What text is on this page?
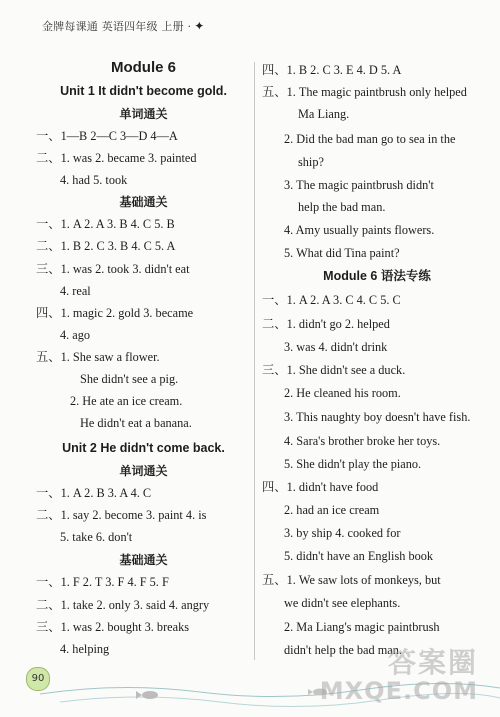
金牌每课通 英语四年级 上册 · ✦
Module 6
Unit 1 It didn't become gold.
单词通关
一、1—B 2—C 3—D 4—A
二、1. was 2. became 3. painted
4. had 5. took
基础通关
一、1. A 2. A 3. B 4. C 5. B
二、1. B 2. C 3. B 4. C 5. A
三、1. was 2. took 3. didn't eat
4. real
四、1. magic 2. gold 3. became
4. ago
五、1. She saw a flower.
She didn't see a pig.
2. He ate an ice cream.
He didn't eat a banana.
Unit 2 He didn't come back.
单词通关
一、1. A 2. B 3. A 4. C
二、1. say 2. become 3. paint 4. is
5. take 6. don't
基础通关
一、1. F 2. T 3. F 4. F 5. F
二、1. take 2. only 3. said 4. angry
三、1. was 2. bought 3. breaks
4. helping
四、1. B 2. C 3. E 4. D 5. A
五、1. The magic paintbrush only helped
Ma Liang.
2. Did the bad man go to sea in the
ship?
3. The magic paintbrush didn't
help the bad man.
4. Amy usually paints flowers.
5. What did Tina paint?
Module 6 语法专练
一、1. A 2. A 3. C 4. C 5. C
二、1. didn't go 2. helped
3. was 4. didn't drink
三、1. She didn't see a duck.
2. He cleaned his room.
3. This naughty boy doesn't have fish.
4. Sara's brother broke her toys.
5. She didn't play the piano.
四、1. didn't have food
2. had an ice cream
3. by ship 4. cooked for
5. didn't have an English book
五、1. We saw lots of monkeys, but
we didn't see elephants.
2. Ma Liang's magic paintbrush
didn't help the bad man.
90	答案圈
MXQE.COM
